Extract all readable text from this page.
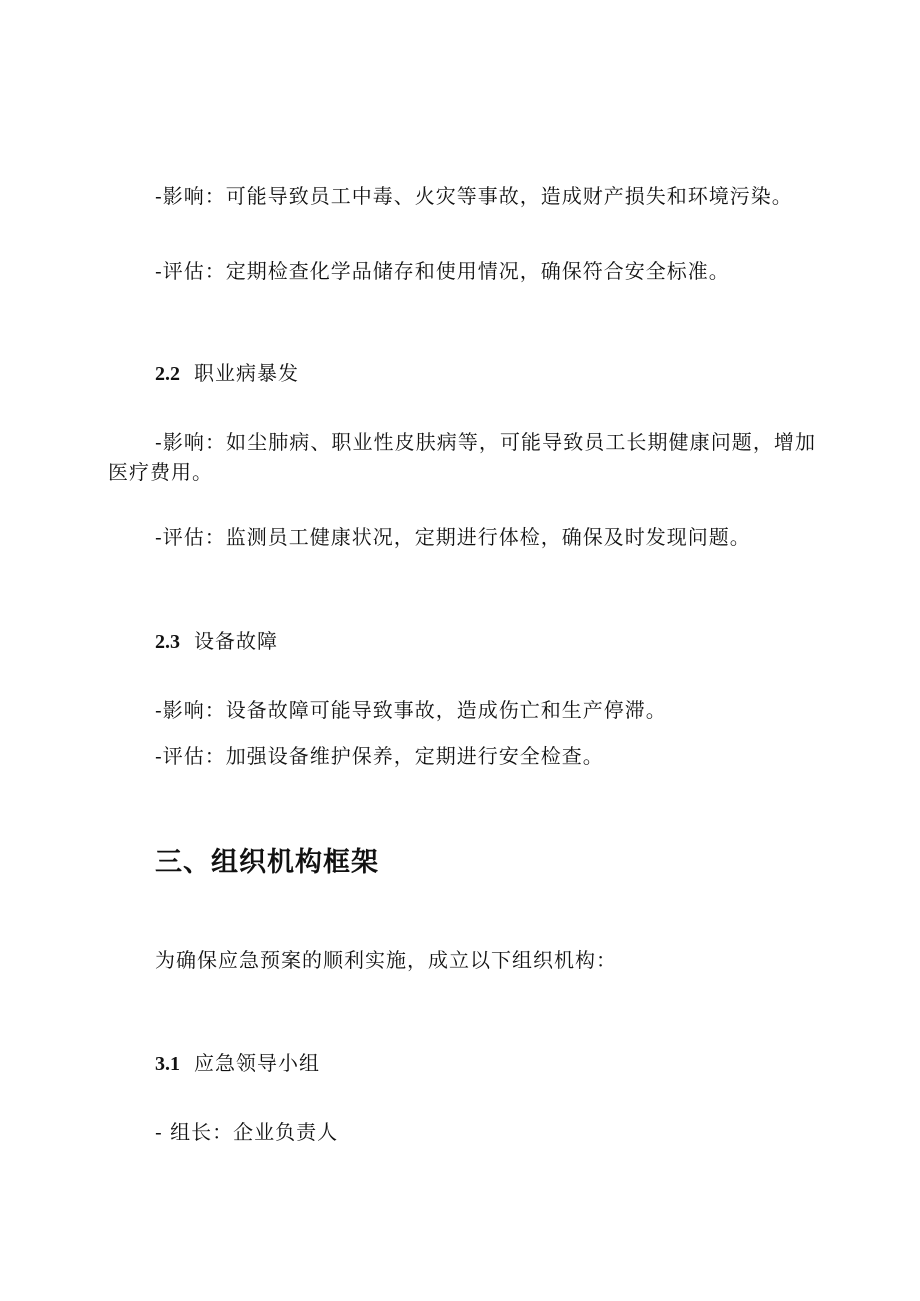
-影响：可能导致员工中毒、火灾等事故，造成财产损失和环境污染。
-评估：定期检查化学品储存和使用情况，确保符合安全标准。
2.2 职业病暴发
-影响：如尘肺病、职业性皮肤病等，可能导致员工长期健康问题，增加医疗费用。
-评估：监测员工健康状况，定期进行体检，确保及时发现问题。
2.3 设备故障
-影响：设备故障可能导致事故，造成伤亡和生产停滞。
-评估：加强设备维护保养，定期进行安全检查。
三、组织机构框架
为确保应急预案的顺利实施，成立以下组织机构：
3.1 应急领导小组
- 组长：企业负责人
